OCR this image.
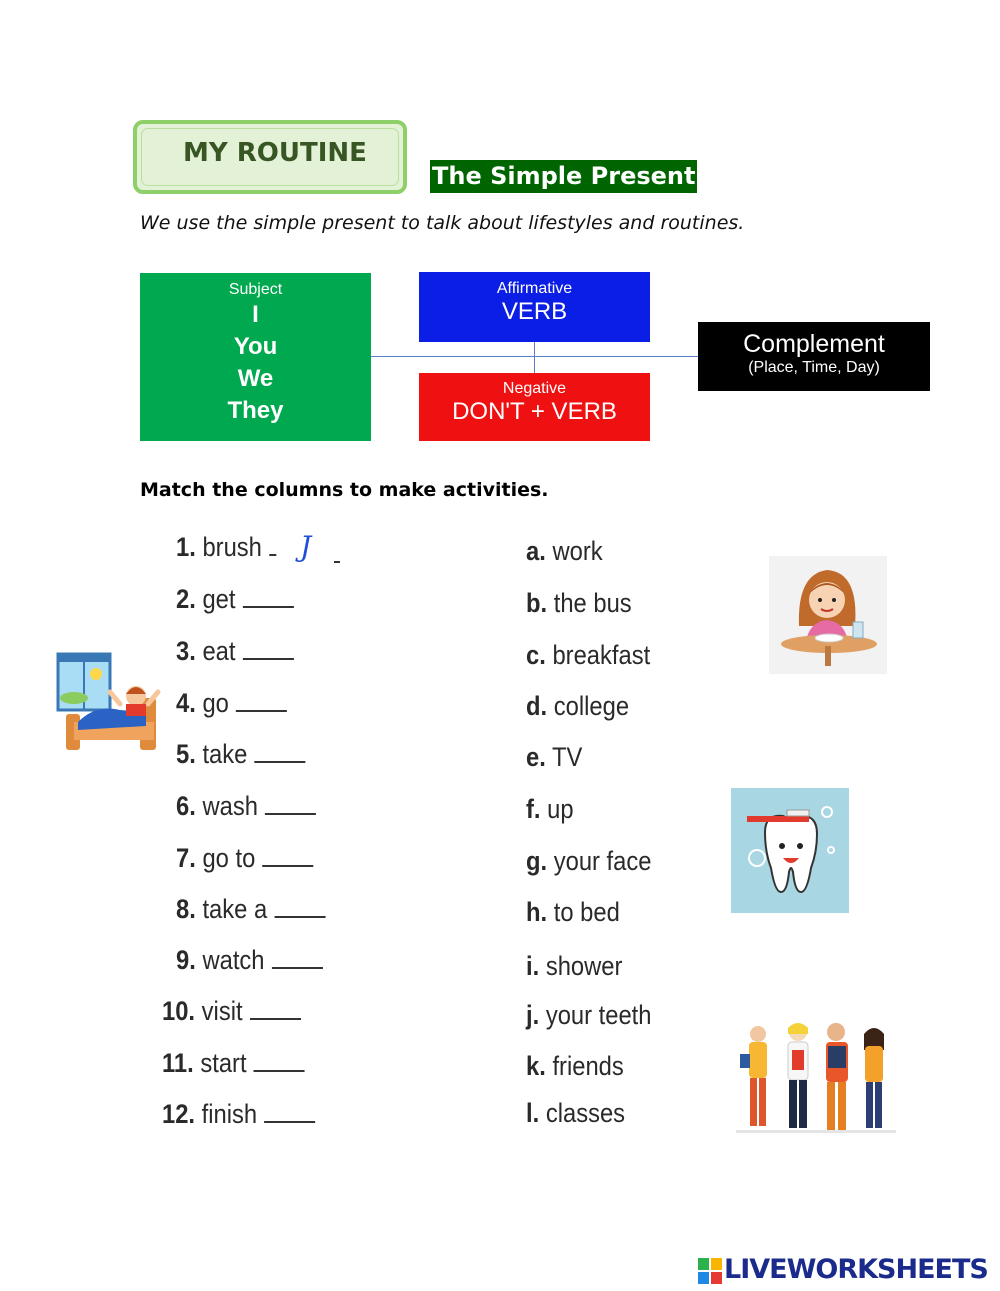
MY ROUTINE
The Simple Present
We use the simple present to talk about lifestyles and routines.
Subject
I
You
We
They
Affirmative
VERB
Negative
DON'T + VERB
Complement
(Place, Time, Day)
Match the columns to make activities.
1. brush	J
2. get
3. eat
4. go
5. take
6. wash
7. go to
8. take a
9. watch
10. visit
11. start
12. finish
a. work
b. the bus
c. breakfast
d. college
e. TV
f. up
g. your face
h. to bed
i. shower
j. your teeth
k. friends
l. classes
LIVEWORKSHEETS
